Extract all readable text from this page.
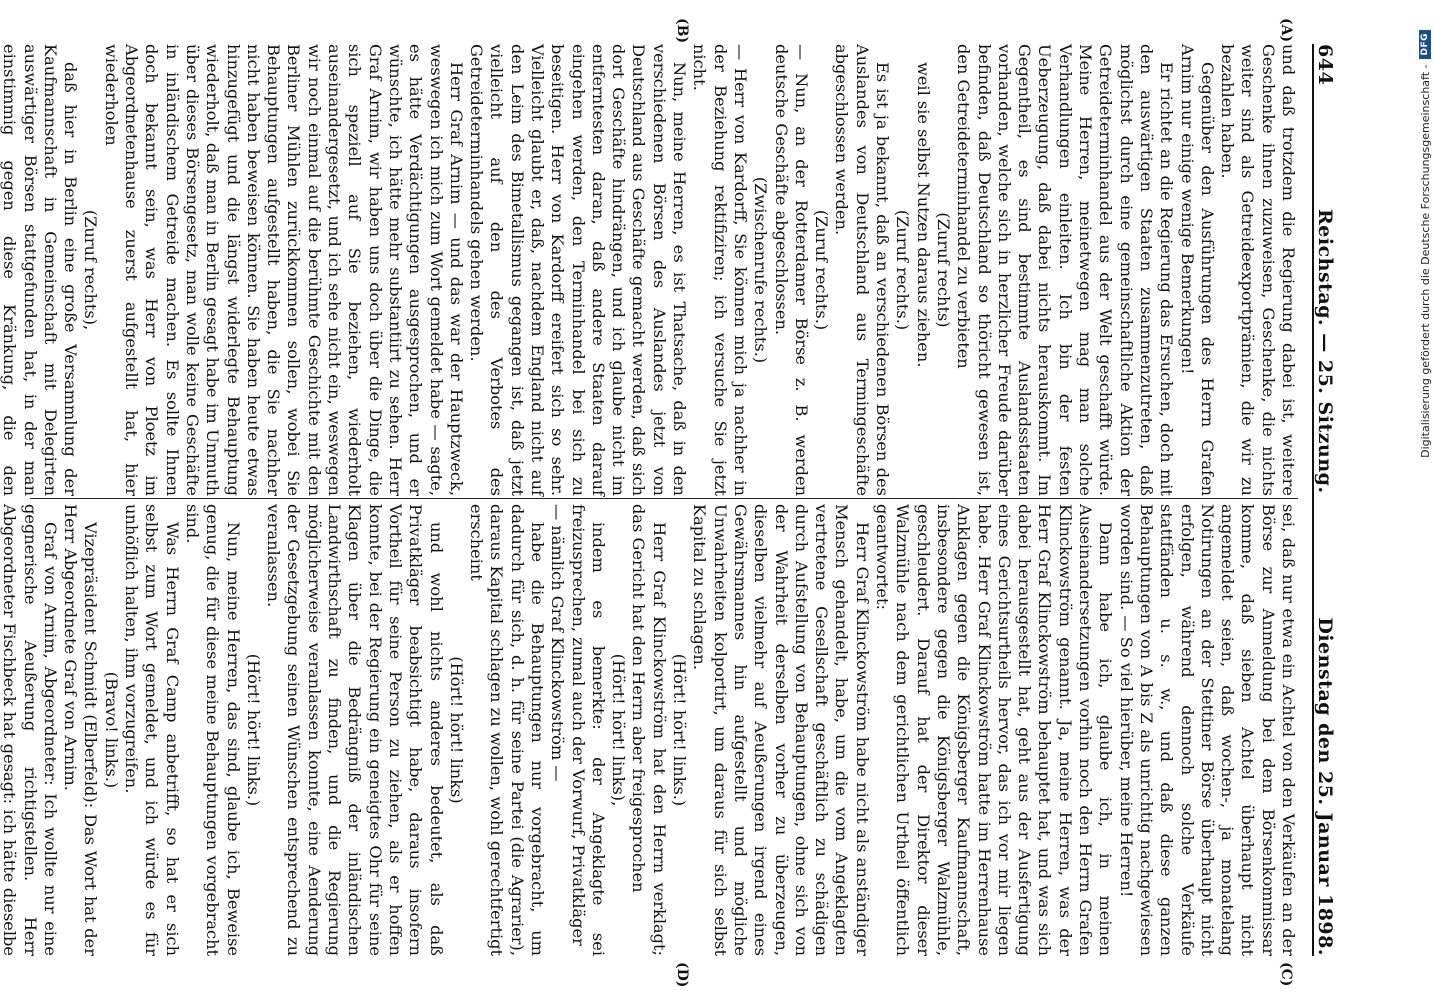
644
Reichstag. — 25. Sitzung.
Dienstag den 25. Januar 1898.
(A)
(B)
(C)
(D)

und daß trotzdem die Regierung dabei ist, weitere Geschenke ihnen zuzuweisen, Geschenke, die nichts weiter sind als Getreideexportprämien, die wir zu bezahlen haben.

Gegenüber den Ausführungen des Herrn Grafen Arnim nur einige wenige Bemerkungen!

Er richtet an die Regierung das Ersuchen, doch mit den auswärtigen Staaten zusammenzutreten, daß möglichst durch eine gemeinschaftliche Aktion der Getreideterminhandel aus der Welt geschafft würde. Meine Herren, meinetwegen mag man solche Verhandlungen einleiten. Ich bin der festen Ueberzeugung, daß dabei nichts herauskommt. Im Gegentheil, es sind bestimmte Auslandsstaaten vorhanden, welche sich in herzlicher Freude darüber befinden, daß Deutschland so thöricht gewesen ist, den Getreideterminhandel zu verbieten

(Zuruf rechts)

weil sie selbst Nutzen daraus ziehen.

(Zuruf rechts.)

Es ist ja bekannt, daß an verschiedenen Börsen des Auslandes von Deutschland aus Termingeschäfte abgeschlossen werden.

(Zuruf rechts.)

— Nun, an der Rotterdamer Börse z. B. werden deutsche Geschäfte abgeschlossen.

(Zwischenrufe rechts.)

— Herr von Kardorff, Sie können mich ja nachher in der Beziehung rektifiziren; ich versuche Sie jetzt nicht.

Nun, meine Herren, es ist Thatsache, daß in den verschiedenen Börsen des Auslandes jetzt von Deutschland aus Geschäfte gemacht werden, daß sich dort Geschäfte hindrängen, und ich glaube nicht im entferntesten daran, daß andere Staaten darauf eingehen werden, den Terminhandel bei sich zu beseitigen. Herr von Kardorff ereifert sich so sehr. Vielleicht glaubt er, daß, nachdem England nicht auf den Leim des Bimetallismus gegangen ist, daß jetzt vielleicht auf den des Verbotes des Getreideterminhandels gehen werden.

Herr Graf Arnim — und das war der Hauptzweck, weswegen ich mich zum Wort gemeldet habe — sagte, es hätte Verdächtigungen ausgesprochen, und er wünschte, ich hätte mehr substantiirt zu sehen. Herr Graf Arnim, wir haben uns doch über die Dinge, die sich speziell auf Sie beziehen, wiederholt auseinandergesetzt, und ich sehe nicht ein, weswegen wir noch einmal auf die berühmte Geschichte mit den Berliner Mühlen zurückkommen sollen, wobei Sie Behauptungen aufgestellt haben, die Sie nachher nicht haben beweisen können. Sie haben heute etwas hinzugefügt und die längst widerlegte Behauptung wiederholt, daß man in Berlin gesagt habe im Unmuth über dieses Börsengesetz, man wolle keine Geschäfte in inländischem Getreide machen. Es sollte Ihnen doch bekannt sein, was Herr von Ploetz im Abgeordnetenhause zuerst aufgestellt hat, hier wiederholen

(Zuruf rechts),

daß hier in Berlin eine große Versammlung der Kaufmannschaft in Gemeinschaft mit Delegirten auswärtiger Börsen stattgefunden hat, in der man einstimmig gegen diese Kränkung, die den

sei, daß nur etwa ein Achtel von den Verkäufen an der Börse zur Anmeldung bei dem Börsenkommissar komme, daß sieben Achtel überhaupt nicht angemeldet seien, daß wochen-, ja monatelang Notirungen an der Stettiner Börse überhaupt nicht erfolgen, während dennoch solche Verkäufe stattfänden u. s. w., und daß diese ganzen Behauptungen von A bis Z als unrichtig nachgewiesen worden sind. — So viel hierüber, meine Herren!

Dann habe ich, glaube ich, in meinen Auseinandersetzungen vorhin noch den Herrn Grafen Klinckowström genannt. Ja, meine Herren, was der Herr Graf Klinckowström behauptet hat, und was sich dabei herausgestellt hat, geht aus der Ausfertigung eines Gerichtsurtheils hervor, das ich vor mir liegen habe. Herr Graf Klinckowström hatte im Herrenhause Anklagen gegen die Königsberger Kaufmannschaft, insbesondere gegen die Königsberger Walzmühle, geschleudert. Darauf hat der Direktor dieser Walzmühle nach dem gerichtlichen Urtheil öffentlich geantwortet:

Herr Graf Klinckowström habe nicht als anständiger Mensch gehandelt, habe, um die vom Angeklagten vertretene Gesellschaft geschäftlich zu schädigen durch Aufstellung von Behauptungen, ohne sich von der Wahrheit derselben vorher zu überzeugen, dieselben vielmehr auf Aeußerungen irgend eines Gewährsmannes hin aufgestellt und mögliche Unwahrheiten kolportirt, um daraus für sich selbst Kapital zu schlagen.

(Hört! hört! links.)

Herr Graf Klinckowström hat den Herrn verklagt; das Gericht hat den Herrn aber freigesprochen

(Hört! hört! links),

indem es bemerkte: der Angeklagte sei freizusprechen, zumal auch der Vorwurf, Privatkläger

— nämlich Graf Klinckowström —

habe die Behauptungen nur vorgebracht, um dadurch für sich, d. h. für seine Partei (die Agrarier), daraus Kapital schlagen zu wollen, wohl gerechtfertigt erscheint

(Hört! hört! links)

und wohl nichts anderes bedeutet, als daß Privatkläger beabsichtigt habe, daraus insofern Vortheil für seine Person zu ziehen, als er hoffen konnte, bei der Regierung ein geneigtes Ohr für seine Klagen über die Bedrängniß der inländischen Landwirthschaft zu finden, und die Regierung möglicherweise veranlassen konnte, eine Aenderung der Gesetzgebung seinen Wünschen entsprechend zu veranlassen.

(Hört! hört! links.)

Nun, meine Herren, das sind, glaube ich, Beweise genug, die für diese meine Behauptungen vorgebracht sind.

Was Herrn Graf Camp anbetrifft, so hat er sich selbst zum Wort gemeldet, und ich würde es für unhöflich halten, ihm vorzugreifen.

(Bravo! links.)

Vizepräsident Schmidt (Elberfeld): Das Wort hat der Herr Abgeordnete Graf von Arnim.

Graf von Arnim, Abgeordneter: Ich wollte nur eine gegnerische Aeußerung richtigstellen. Herr Abgeordneter Fischbeck hat gesagt: ich hätte dieselbe

Digitalisierung gefördert durch die Deutsche Forschungsgemeinschaft -
DFG
